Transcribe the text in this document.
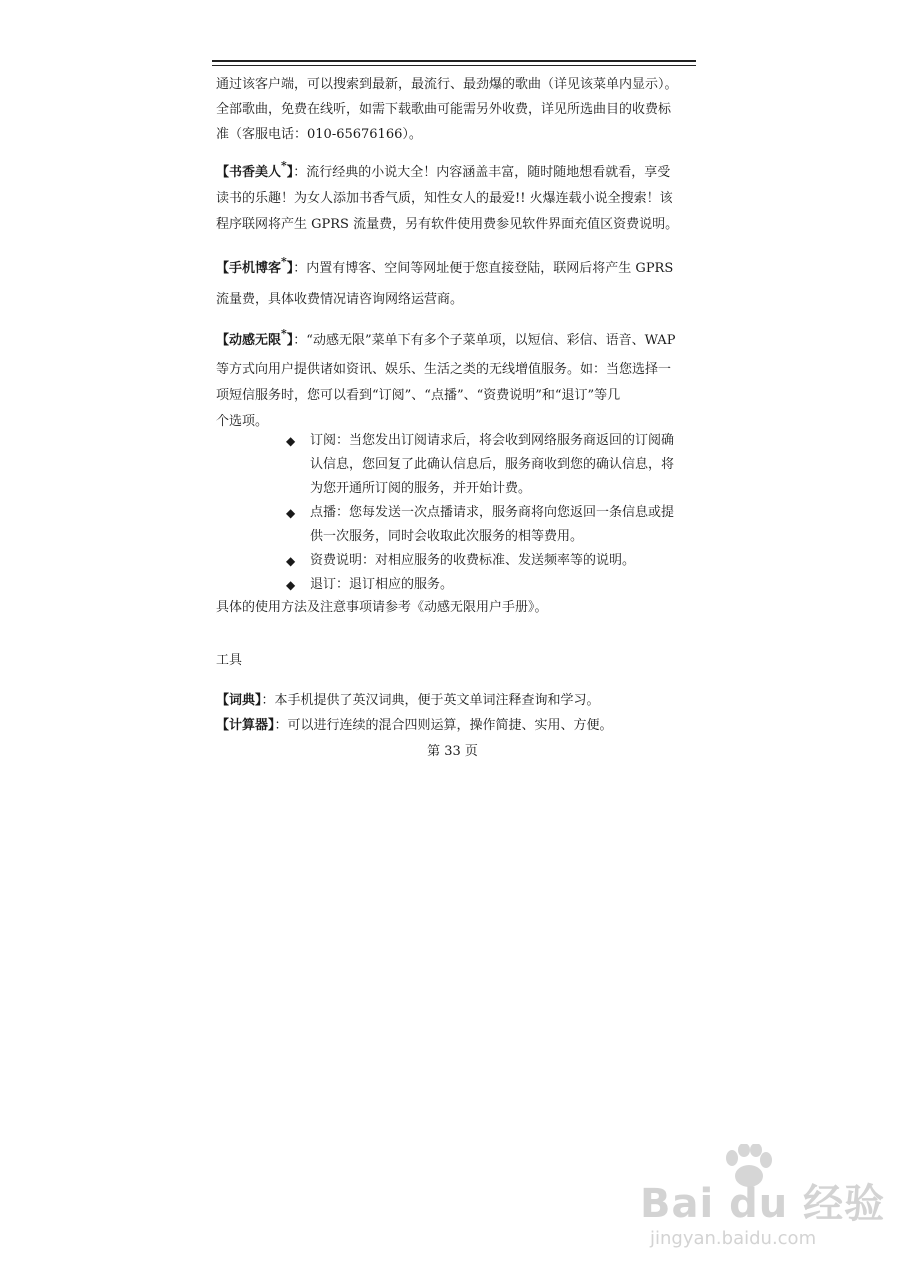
通过该客户端，可以搜索到最新，最流行、最劲爆的歌曲（详见该菜单内显示）。
全部歌曲，免费在线听，如需下载歌曲可能需另外收费，详见所选曲目的收费标
准（客服电话：010-65676166）。
【书香美人*】：流行经典的小说大全！内容涵盖丰富，随时随地想看就看，享受
读书的乐趣！为女人添加书香气质，知性女人的最爱!! 火爆连载小说全搜索！该
程序联网将产生 GPRS 流量费，另有软件使用费参见软件界面充值区资费说明。
【手机博客*】：内置有博客、空间等网址便于您直接登陆，联网后将产生 GPRS
流量费，具体收费情况请咨询网络运营商。
【动感无限*】：“动感无限”菜单下有多个子菜单项，以短信、彩信、语音、WAP
等方式向用户提供诸如资讯、娱乐、生活之类的无线增值服务。如：当您选择一
项短信服务时，您可以看到“订阅”、“点播”、“资费说明”和“退订”等几
个选项。
◆ 订阅：当您发出订阅请求后，将会收到网络服务商返回的订阅确
认信息，您回复了此确认信息后，服务商收到您的确认信息，将
为您开通所订阅的服务，并开始计费。
◆ 点播：您每发送一次点播请求，服务商将向您返回一条信息或提
供一次服务，同时会收取此次服务的相等费用。
◆ 资费说明：对相应服务的收费标准、发送频率等的说明。
◆ 退订：退订相应的服务。
具体的使用方法及注意事项请参考《动感无限用户手册》。
工具
【词典】：本手机提供了英汉词典，便于英文单词注释查询和学习。
【计算器】：可以进行连续的混合四则运算，操作简捷、实用、方便。
第 33 页
Bai du 经验
jingyan.baidu.com
